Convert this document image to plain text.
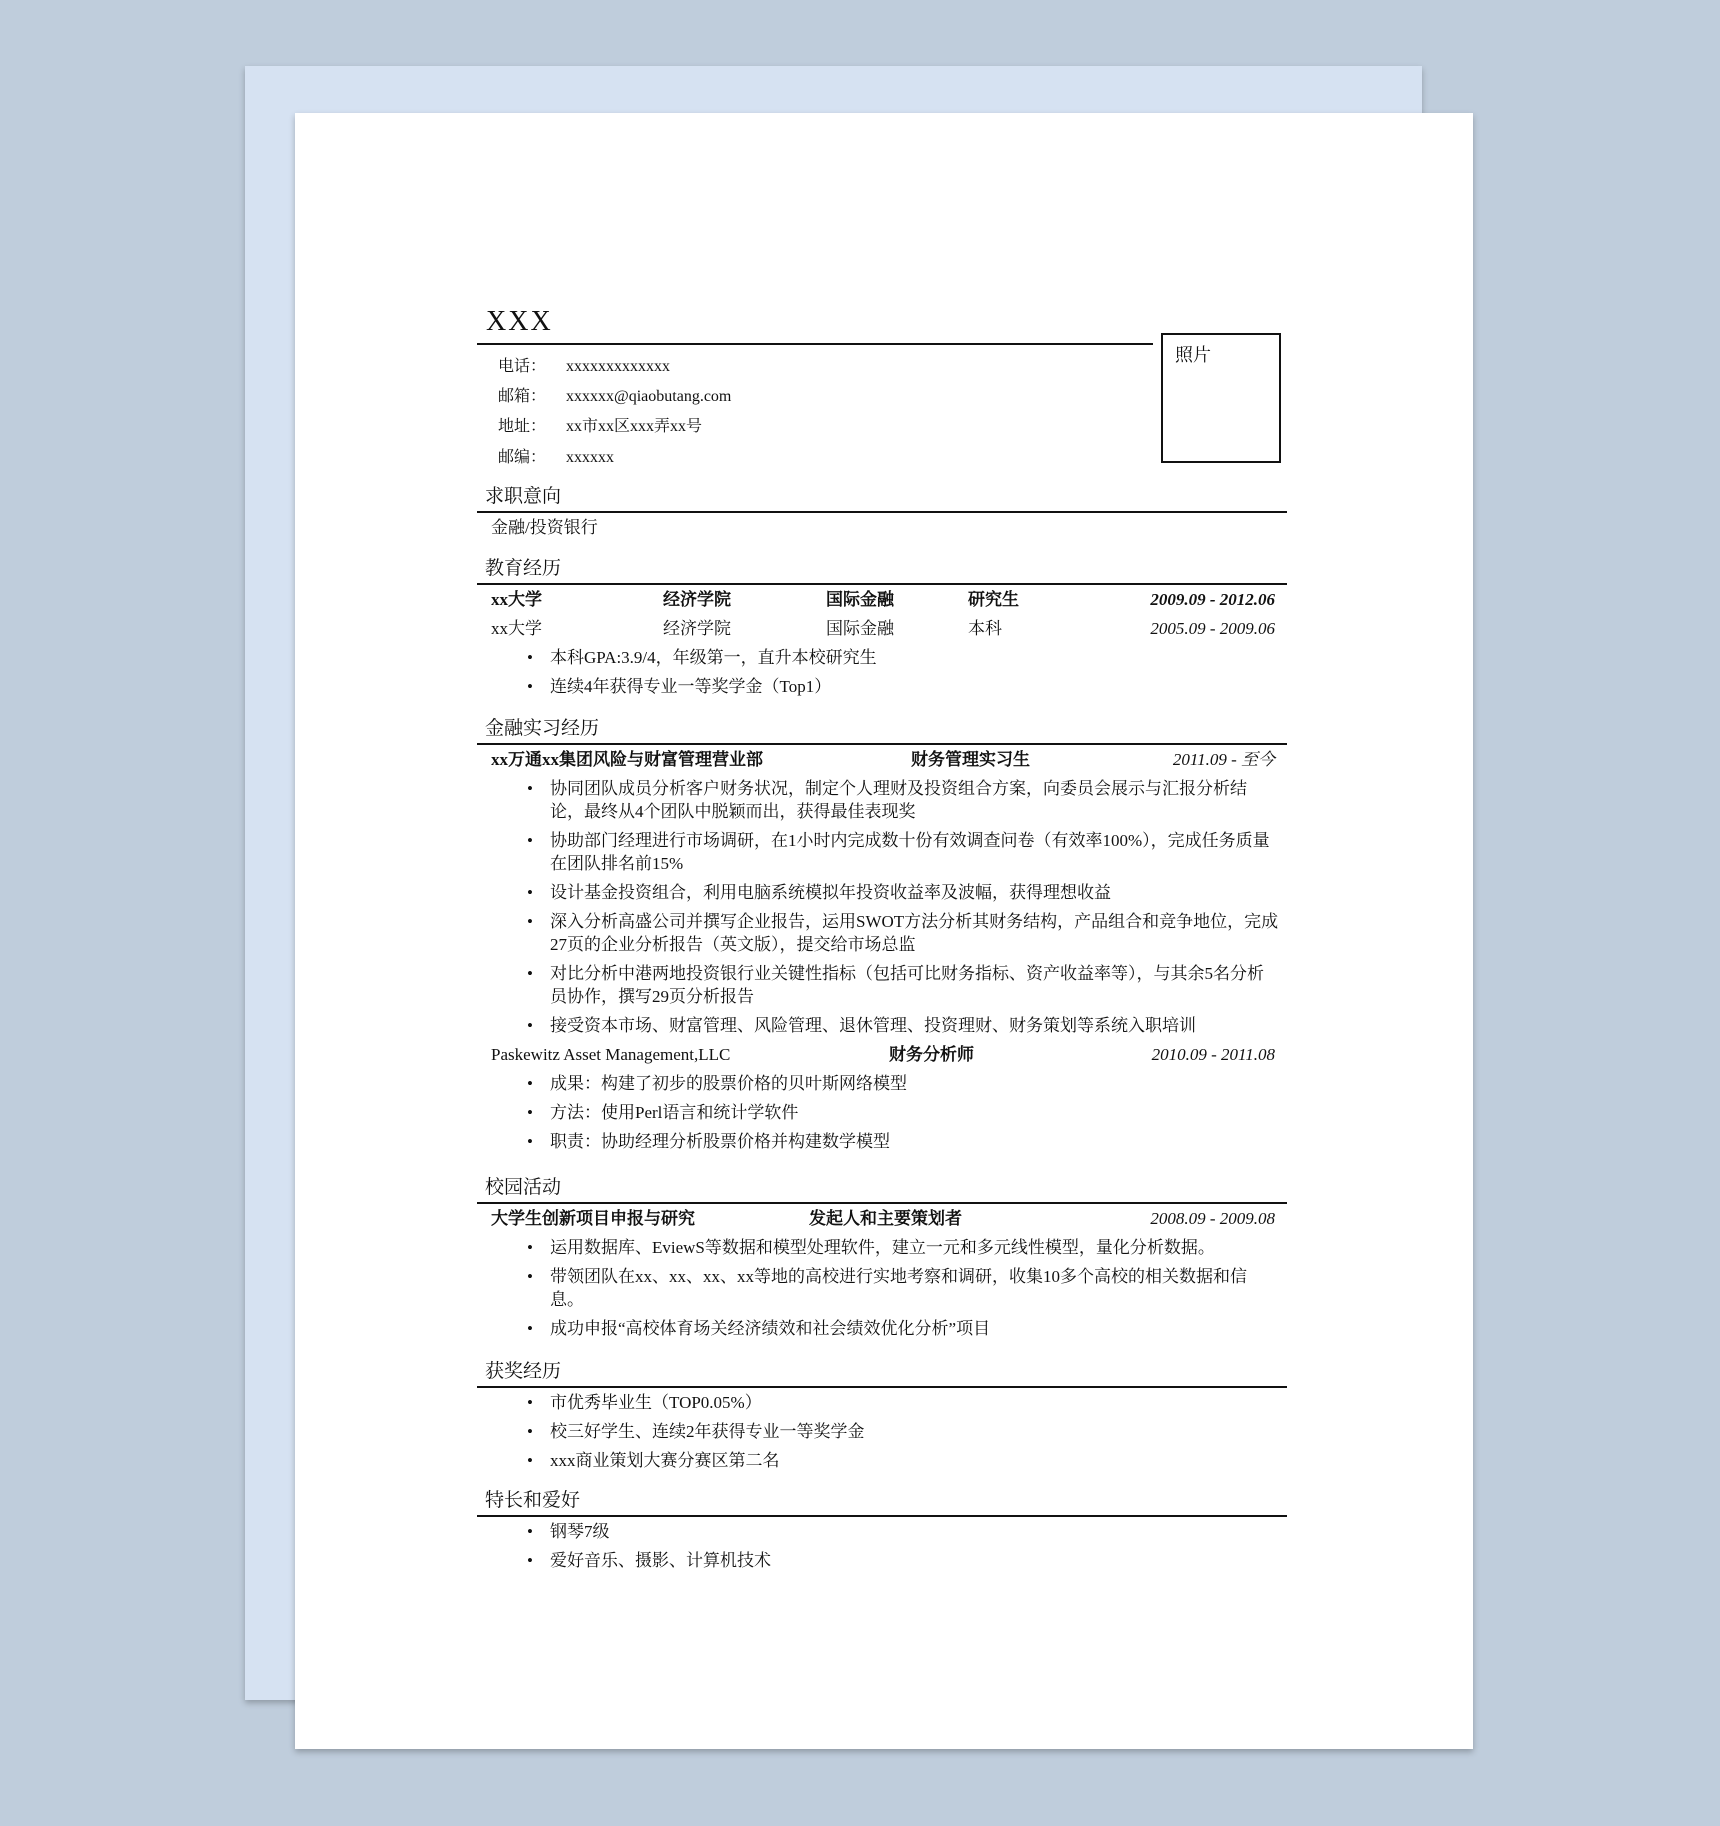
XXX
照片
电话： xxxxxxxxxxxxx
邮箱： xxxxxx@qiaobutang.com
地址： xx市xx区xxx弄xx号
邮编： xxxxxx
求职意向
金融/投资银行
教育经历
xx大学	经济学院	国际金融	研究生	2009.09 - 2012.06
xx大学	经济学院	国际金融	本科	2005.09 - 2009.06
• 本科GPA:3.9/4，年级第一，直升本校研究生
• 连续4年获得专业一等奖学金（Top1）
金融实习经历
xx万通xx集团风险与财富管理营业部	财务管理实习生	2011.09 - 至今
• 协同团队成员分析客户财务状况，制定个人理财及投资组合方案，向委员会展示与汇报分析结论，最终从4个团队中脱颖而出，获得最佳表现奖
• 协助部门经理进行市场调研，在1小时内完成数十份有效调查问卷（有效率100%），完成任务质量在团队排名前15%
• 设计基金投资组合，利用电脑系统模拟年投资收益率及波幅，获得理想收益
• 深入分析高盛公司并撰写企业报告，运用SWOT方法分析其财务结构，产品组合和竞争地位，完成27页的企业分析报告（英文版），提交给市场总监
• 对比分析中港两地投资银行业关键性指标（包括可比财务指标、资产收益率等），与其余5名分析员协作，撰写29页分析报告
• 接受资本市场、财富管理、风险管理、退休管理、投资理财、财务策划等系统入职培训
Paskewitz Asset Management,LLC	财务分析师	2010.09 - 2011.08
• 成果：构建了初步的股票价格的贝叶斯网络模型
• 方法：使用Perl语言和统计学软件
• 职责：协助经理分析股票价格并构建数学模型
校园活动
大学生创新项目申报与研究	发起人和主要策划者	2008.09 - 2009.08
• 运用数据库、EviewS等数据和模型处理软件，建立一元和多元线性模型，量化分析数据。
• 带领团队在xx、xx、xx、xx等地的高校进行实地考察和调研，收集10多个高校的相关数据和信息。
• 成功申报“高校体育场关经济绩效和社会绩效优化分析”项目
获奖经历
• 市优秀毕业生（TOP0.05%）
• 校三好学生、连续2年获得专业一等奖学金
• xxx商业策划大赛分赛区第二名
特长和爱好
• 钢琴7级
• 爱好音乐、摄影、计算机技术
